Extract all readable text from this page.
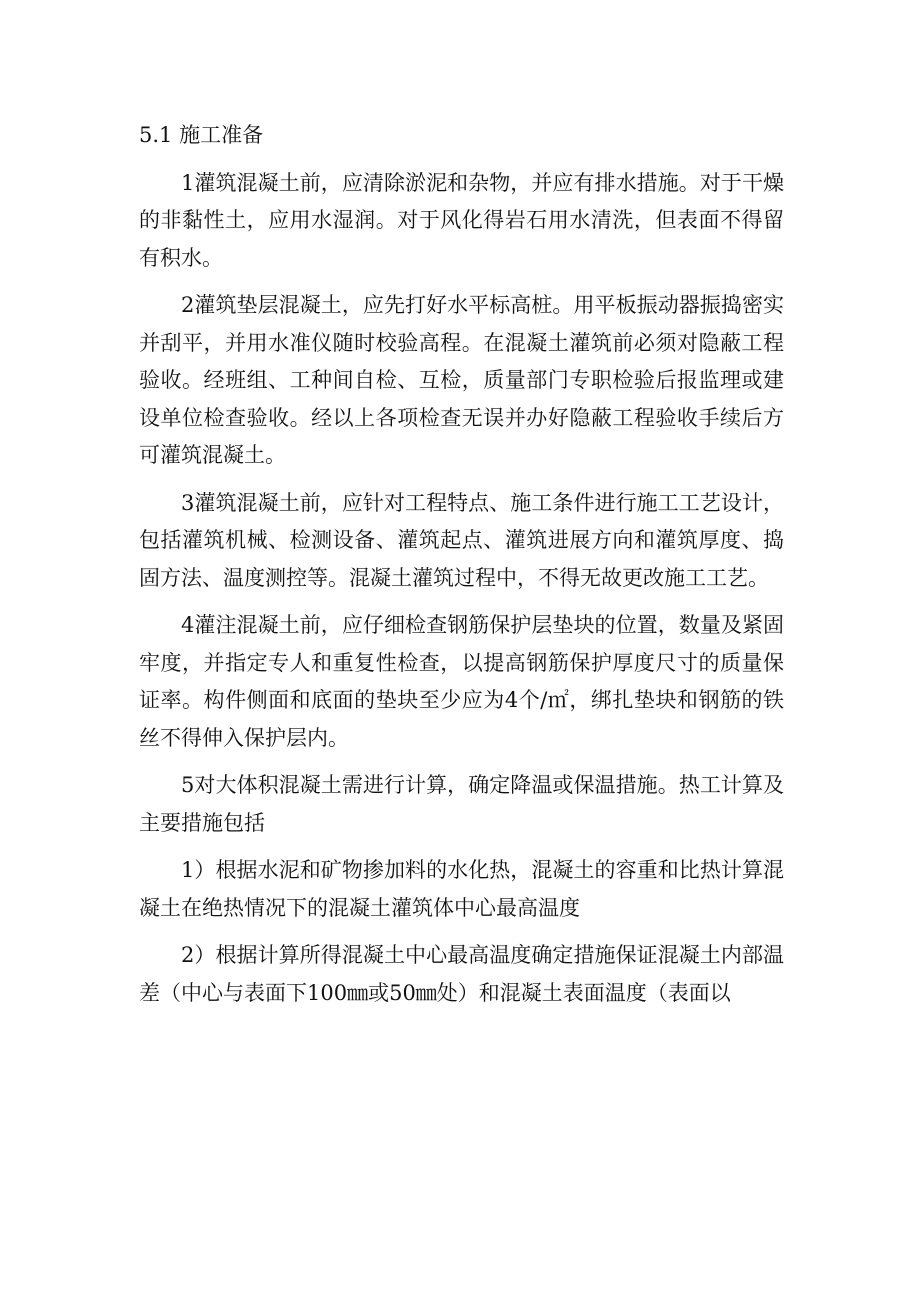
5.1 施工准备

1灌筑混凝土前，应清除淤泥和杂物，并应有排水措施。对于干燥的非黏性土，应用水湿润。对于风化得岩石用水清洗，但表面不得留有积水。

2灌筑垫层混凝土，应先打好水平标高桩。用平板振动器振捣密实并刮平，并用水准仪随时校验高程。在混凝土灌筑前必须对隐蔽工程验收。经班组、工种间自检、互检，质量部门专职检验后报监理或建设单位检查验收。经以上各项检查无误并办好隐蔽工程验收手续后方可灌筑混凝土。

3灌筑混凝土前，应针对工程特点、施工条件进行施工工艺设计，包括灌筑机械、检测设备、灌筑起点、灌筑进展方向和灌筑厚度、捣固方法、温度测控等。混凝土灌筑过程中，不得无故更改施工工艺。

4灌注混凝土前，应仔细检查钢筋保护层垫块的位置，数量及紧固牢度，并指定专人和重复性检查，以提高钢筋保护厚度尺寸的质量保证率。构件侧面和底面的垫块至少应为4个/㎡，绑扎垫块和钢筋的铁丝不得伸入保护层内。

5对大体积混凝土需进行计算，确定降温或保温措施。热工计算及主要措施包括

1）根据水泥和矿物掺加料的水化热，混凝土的容重和比热计算混凝土在绝热情况下的混凝土灌筑体中心最高温度

2）根据计算所得混凝土中心最高温度确定措施保证混凝土内部温差（中心与表面下100㎜或50㎜处）和混凝土表面温度（表面以
